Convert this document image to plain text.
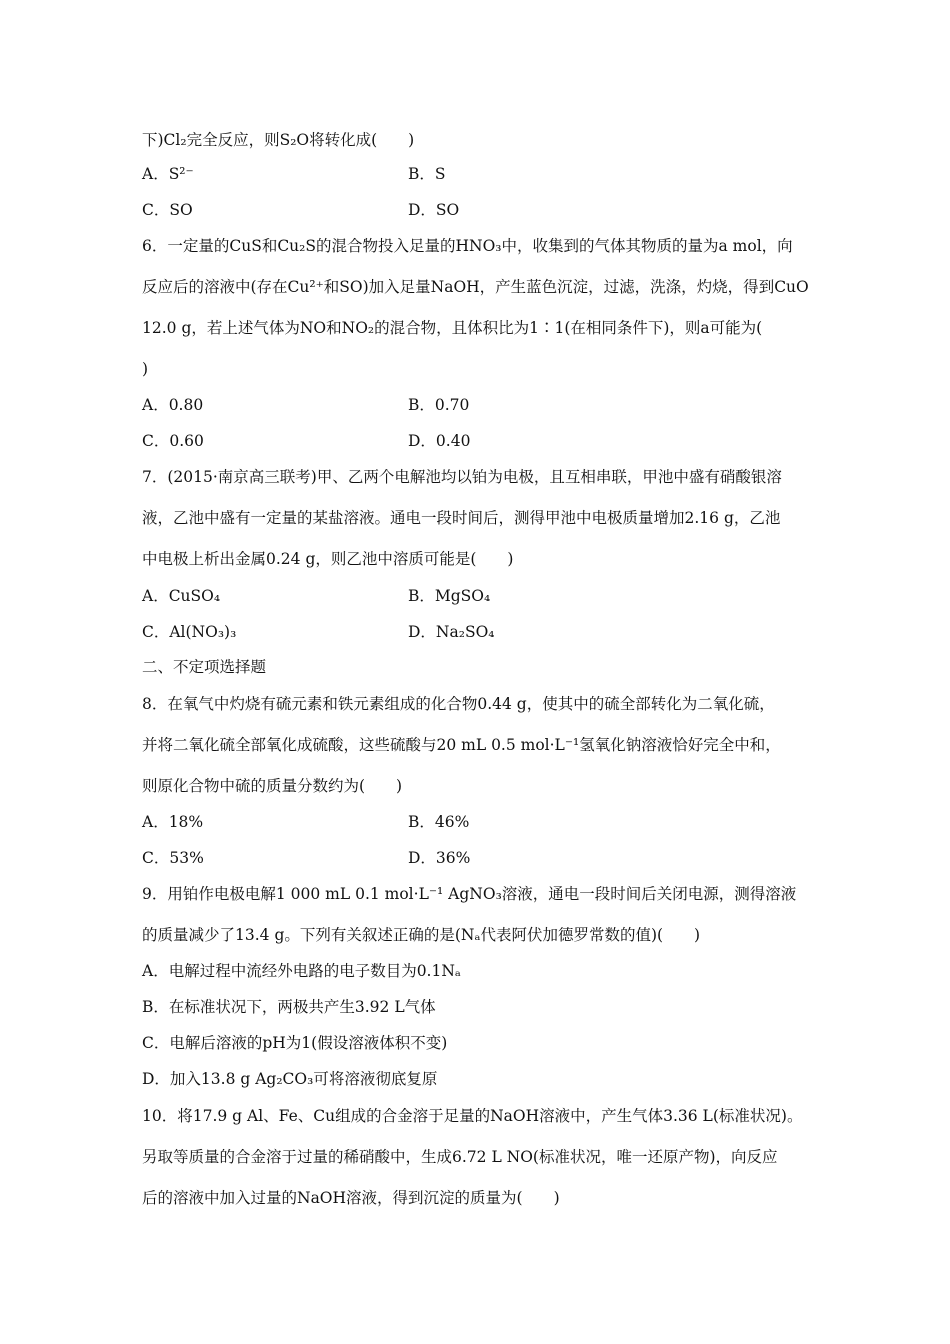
下)Cl₂完全反应，则S₂O将转化成(　　)
A．S²⁻	B．S
C．SO	D．SO
6．一定量的CuS和Cu₂S的混合物投入足量的HNO₃中，收集到的气体其物质的量为a mol，向
反应后的溶液中(存在Cu²⁺和SO)加入足量NaOH，产生蓝色沉淀，过滤，洗涤，灼烧，得到CuO
12.0 g，若上述气体为NO和NO₂的混合物，且体积比为1∶1(在相同条件下)，则a可能为(
)
A．0.80	B．0.70
C．0.60	D．0.40
7．(2015·南京高三联考)甲、乙两个电解池均以铂为电极，且互相串联，甲池中盛有硝酸银溶
液，乙池中盛有一定量的某盐溶液。通电一段时间后，测得甲池中电极质量增加2.16 g，乙池
中电极上析出金属0.24 g，则乙池中溶质可能是(　　)
A．CuSO₄	B．MgSO₄
C．Al(NO₃)₃	D．Na₂SO₄
二、不定项选择题
8．在氧气中灼烧有硫元素和铁元素组成的化合物0.44 g，使其中的硫全部转化为二氧化硫，
并将二氧化硫全部氧化成硫酸，这些硫酸与20 mL 0.5 mol·L⁻¹氢氧化钠溶液恰好完全中和，
则原化合物中硫的质量分数约为(　　)
A．18%	B．46%
C．53%	D．36%
9．用铂作电极电解1 000 mL 0.1 mol·L⁻¹ AgNO₃溶液，通电一段时间后关闭电源，测得溶液
的质量减少了13.4 g。下列有关叙述正确的是(Nₐ代表阿伏加德罗常数的值)(　　)
A．电解过程中流经外电路的电子数目为0.1Nₐ
B．在标准状况下，两极共产生3.92 L气体
C．电解后溶液的pH为1(假设溶液体积不变)
D．加入13.8 g Ag₂CO₃可将溶液彻底复原
10．将17.9 g Al、Fe、Cu组成的合金溶于足量的NaOH溶液中，产生气体3.36 L(标准状况)。
另取等质量的合金溶于过量的稀硝酸中，生成6.72 L NO(标准状况，唯一还原产物)，向反应
后的溶液中加入过量的NaOH溶液，得到沉淀的质量为(　　)
